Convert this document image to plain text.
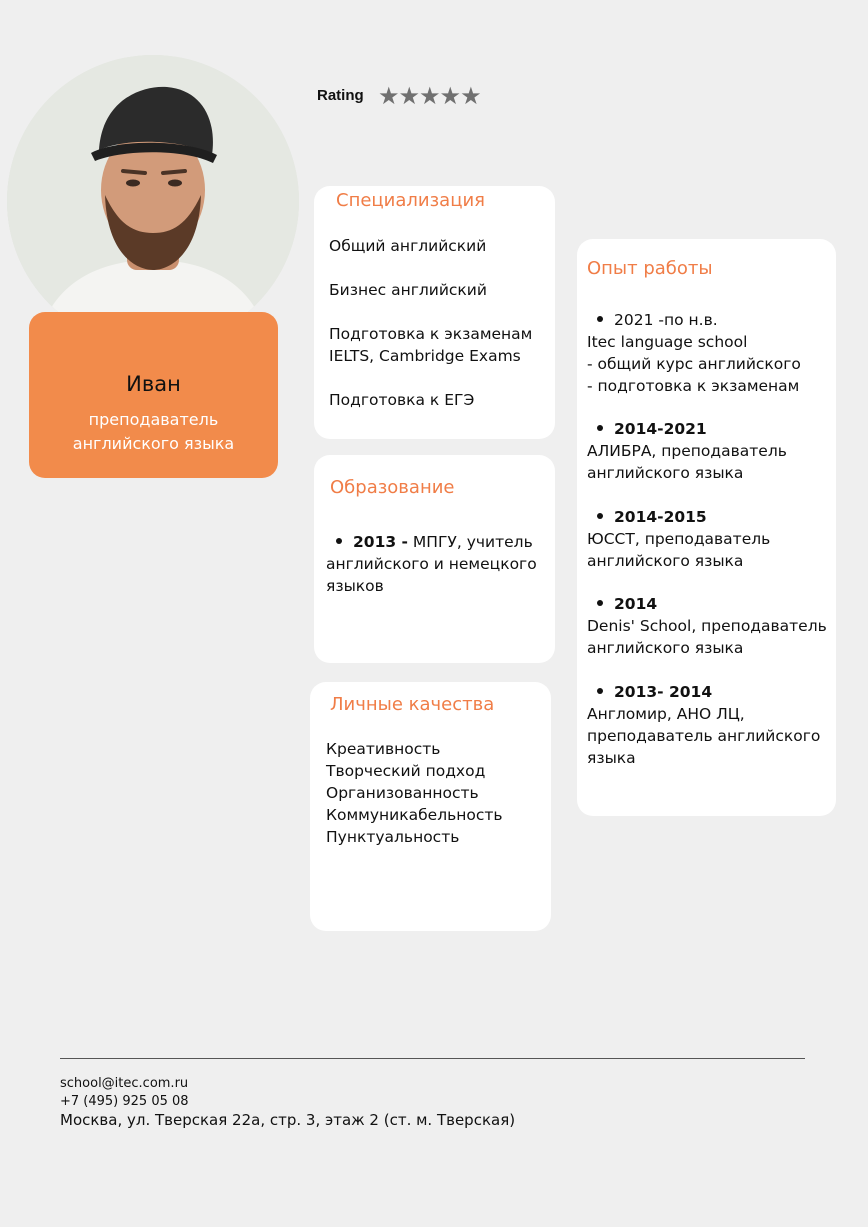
Иван
преподаватель
английского языка
Rating ★★★★★
Специализация
Общий английский
Бизнес английский
Подготовка к экзаменам
IELTS, Cambridge Exams
Подготовка к ЕГЭ
Образование
2013 - МПГУ, учитель
английского и немецкого
языков
Личные качества
Креативность
Творческий подход
Организованность
Коммуникабельность
Пунктуальность
Опыт работы
2021 -по н.в.
Itec language school
- общий курс английского
- подготовка к экзаменам
2014-2021
АЛИБРА, преподаватель
английского языка
2014-2015
ЮССТ, преподаватель
английского языка
2014
Denis' School, преподаватель
английского языка
2013- 2014
Англомир, АНО ЛЦ,
преподаватель английского
языка
school@itec.com.ru
+7 (495) 925 05 08
Москва, ул. Тверская 22а, стр. 3, этаж 2 (ст. м. Тверская)
